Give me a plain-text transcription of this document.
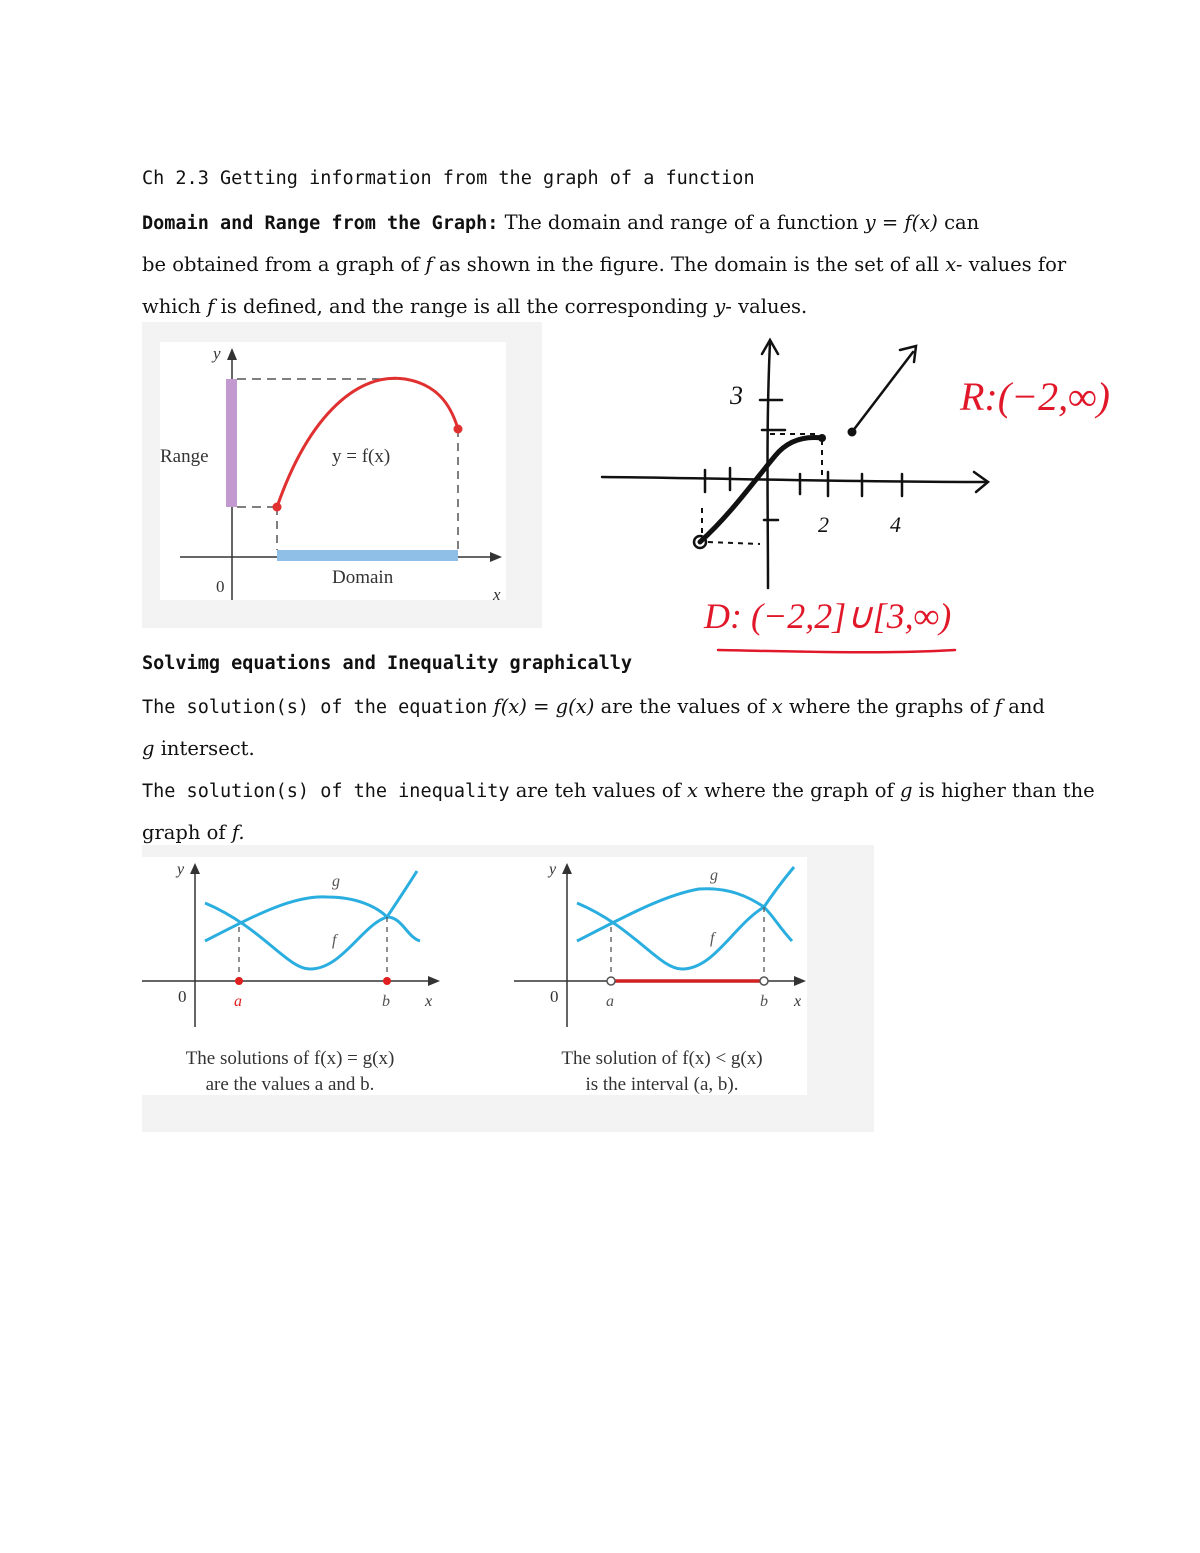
Ch 2.3 Getting information from the graph of a function
Domain and Range from the Graph: The domain and range of a function y = f(x) can
be obtained from a graph of f as shown in the figure. The domain is the set of all x- values for
which f is defined, and the range is all the corresponding y- values.
y
x
0
Range
Domain
y = f(x)
3
2	4
R:(−2,∞)
D: (−2,2]∪[3,∞)
Solvimg equations and Inequality graphically
The solution(s) of the equation f(x) = g(x) are the values of x where the graphs of f and
g intersect.
The solution(s) of the inequality are teh values of x where the graph of g is higher than the
graph of f.
y
x
0
g
f
a	b
The solutions of f(x) = g(x)
are the values a and b.
y
x
0
g
f
a	b
The solution of f(x) < g(x)
is the interval (a, b).
